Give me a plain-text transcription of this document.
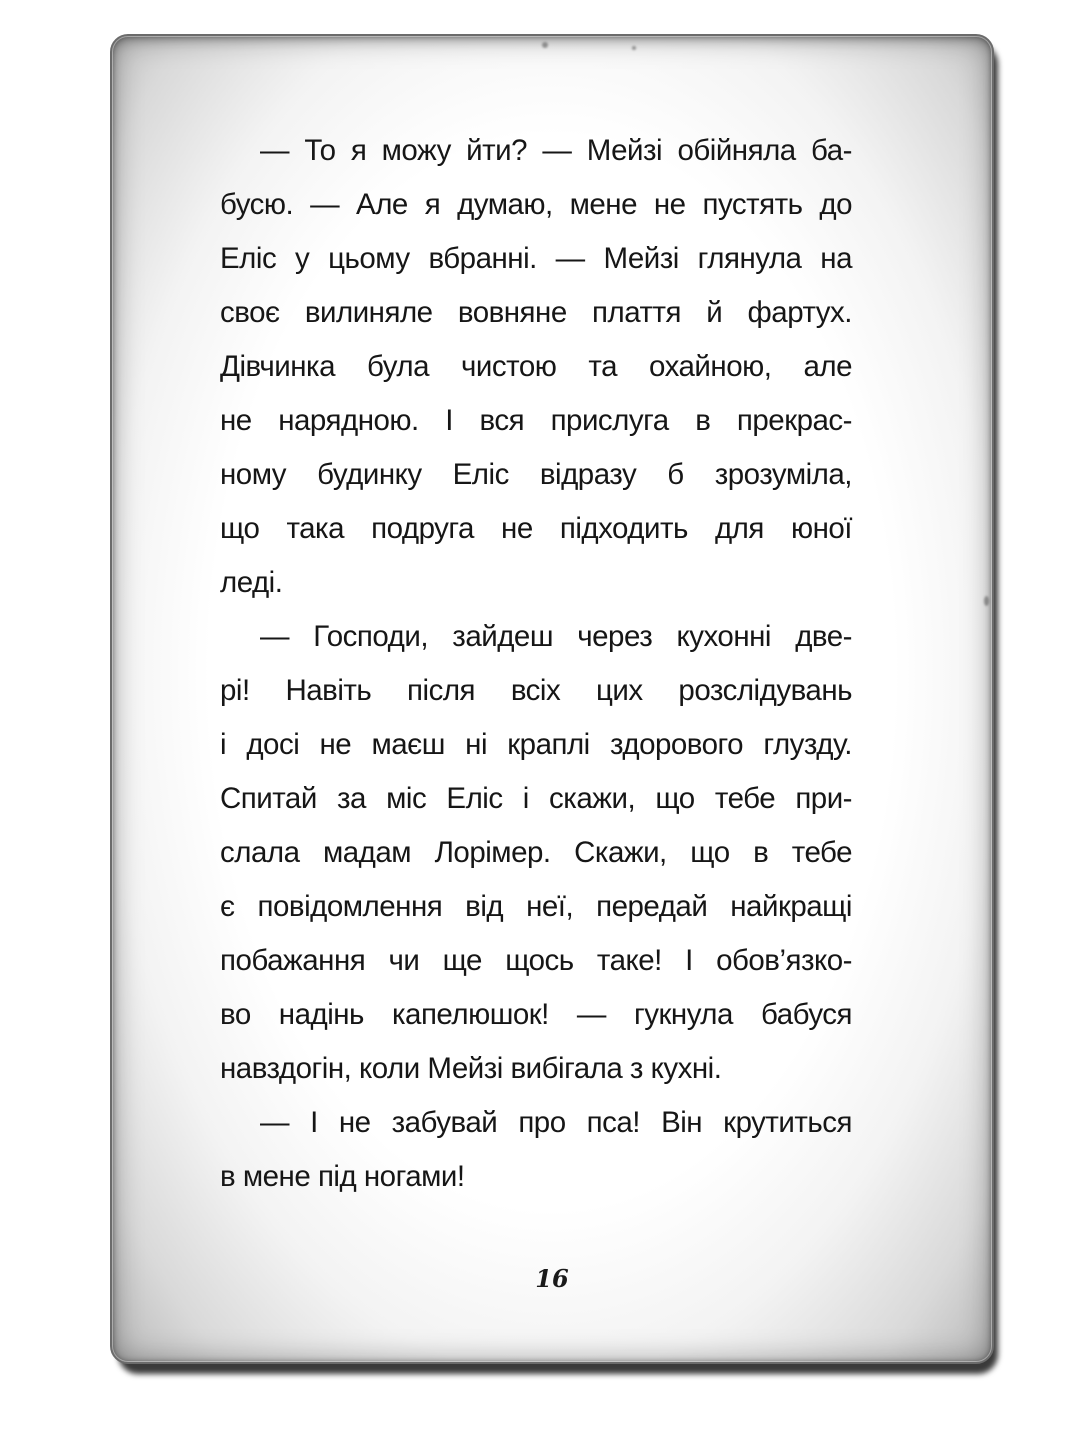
— То я можу йти? — Мейзі обійняла ба-
бусю. — Але я думаю, мене не пустять до
Еліс у цьому вбранні. — Мейзі глянула на
своє вилиняле вовняне плаття й фартух.
Дівчинка була чистою та охайною, але
не нарядною. І вся прислуга в прекрас-
ному будинку Еліс відразу б зрозуміла,
що така подруга не підходить для юної
леді.

— Господи, зайдеш через кухонні две-
рі! Навіть після всіх цих розслідувань
і досі не маєш ні краплі здорового глузду.
Спитай за міс Еліс і скажи, що тебе при-
слала мадам Лорімер. Скажи, що в тебе
є повідомлення від неї, передай найкращі
побажання чи ще щось таке! І обов’язко-
во надінь капелюшок! — гукнула бабуся
навздогін, коли Мейзі вибігала з кухні.

— І не забувай про пса! Він крутиться
в мене під ногами!

16
